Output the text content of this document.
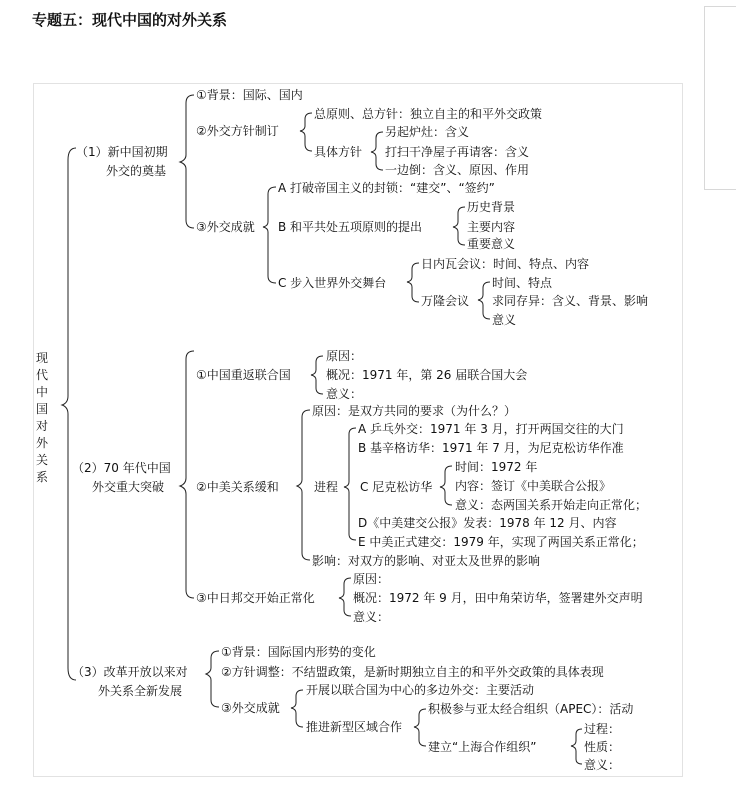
专题五：现代中国的对外关系
现代中国对外关系
（1）新中国初期
外交的奠基
①背景：国际、国内
②外交方针制订
总原则、总方针：独立自主的和平外交政策
具体方针
另起炉灶：含义
打扫干净屋子再请客：含义
一边倒：含义、原因、作用
③外交成就
A 打破帝国主义的封锁：“建交”、“签约”
B 和平共处五项原则的提出
历史背景
主要内容
重要意义
C 步入世界外交舞台
日内瓦会议：时间、特点、内容
万隆会议
时间、特点
求同存异：含义、背景、影响
意义
（2）70 年代中国
外交重大突破
①中国重返联合国
原因：
概况：1971 年，第 26 届联合国大会
意义：
②中美关系缓和
原因：是双方共同的要求（为什么？）
进程
A 乒乓外交：1971 年 3 月，打开两国交往的大门
B 基辛格访华：1971 年 7 月，为尼克松访华作准
C 尼克松访华
时间：1972 年
内容：签订《中美联合公报》
意义：态两国关系开始走向正常化；
D《中美建交公报》发表：1978 年 12 月、内容
E 中美正式建交：1979 年，实现了两国关系正常化；
影响：对双方的影响、对亚太及世界的影响
③中日邦交开始正常化
原因：
概况：1972 年 9 月，田中角荣访华，签署建外交声明
意义：
（3）改革开放以来对
外关系全新发展
①背景：国际国内形势的变化
②方针调整：不结盟政策，是新时期独立自主的和平外交政策的具体表现
③外交成就
开展以联合国为中心的多边外交：主要活动
推进新型区域合作
积极参与亚太经合组织（APEC）：活动
建立“上海合作组织”
过程：
性质：
意义：
